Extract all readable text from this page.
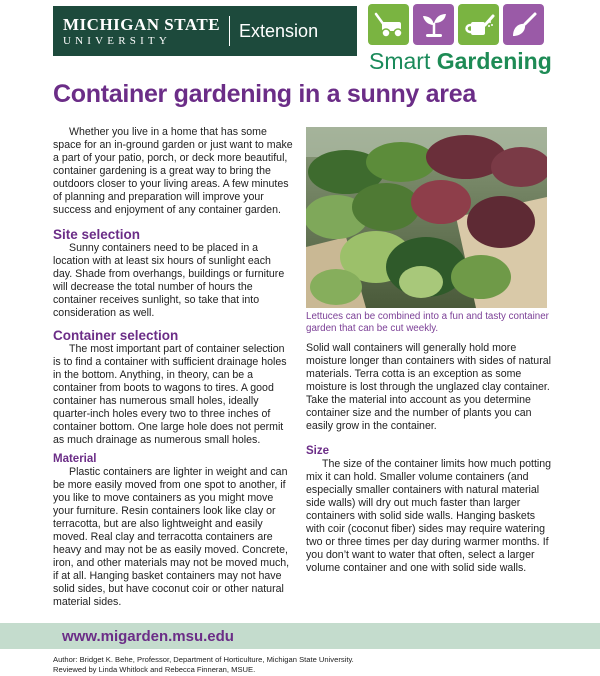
MICHIGAN STATE
UNIVERSITY	Extension
Smart Gardening
Container gardening in a sunny area

Whether you live in a home that has some space for an in-ground garden or just want to make a part of your patio, porch, or deck more beautiful, container gardening is a great way to bring the outdoors closer to your living areas. A few minutes of planning and preparation will improve your success and enjoyment of any container garden.

Site selection

Sunny containers need to be placed in a location with at least six hours of sunlight each day. Shade from overhangs, buildings or furniture will decrease the total number of hours the container receives sunlight, so take that into consideration as well.

Container selection

The most important part of container selection is to find a container with sufficient drainage holes in the bottom. Anything, in theory, can be a container from boots to wagons to tires. A good container has numerous small holes, ideally quarter-inch holes every two to three inches of container bottom. One large hole does not permit as much drainage as numerous small holes.

Material

Plastic containers are lighter in weight and can be more easily moved from one spot to another, if you like to move containers as you might move your furniture. Resin containers look like clay or terracotta, but are also lightweight and easily moved. Real clay and terracotta containers are heavy and may not be as easily moved. Concrete, iron, and other materials may not be moved much, if at all. Hanging basket containers may not have solid sides, but have coconut coir or other natural material sides.

Lettuces can be combined into a fun and tasty container garden that can be cut weekly.

Solid wall containers will generally hold more moisture longer than containers with sides of natural materials. Terra cotta is an exception as some moisture is lost through the unglazed clay container. Take the material into account as you determine container size and the number of plants you can easily grow in the container.

Size

The size of the container limits how much potting mix it can hold. Smaller volume containers (and especially smaller containers with natural material side walls) will dry out much faster than larger containers with solid side walls. Hanging baskets with coir (coconut fiber) sides may require watering two or three times per day during warmer months. If you don’t want to water that often, select a larger volume container and one with solid side walls.

www.migarden.msu.edu
Author: Bridget K. Behe, Professor, Department of Horticulture, Michigan State University.
Reviewed by Linda Whitlock and Rebecca Finneran, MSUE.
